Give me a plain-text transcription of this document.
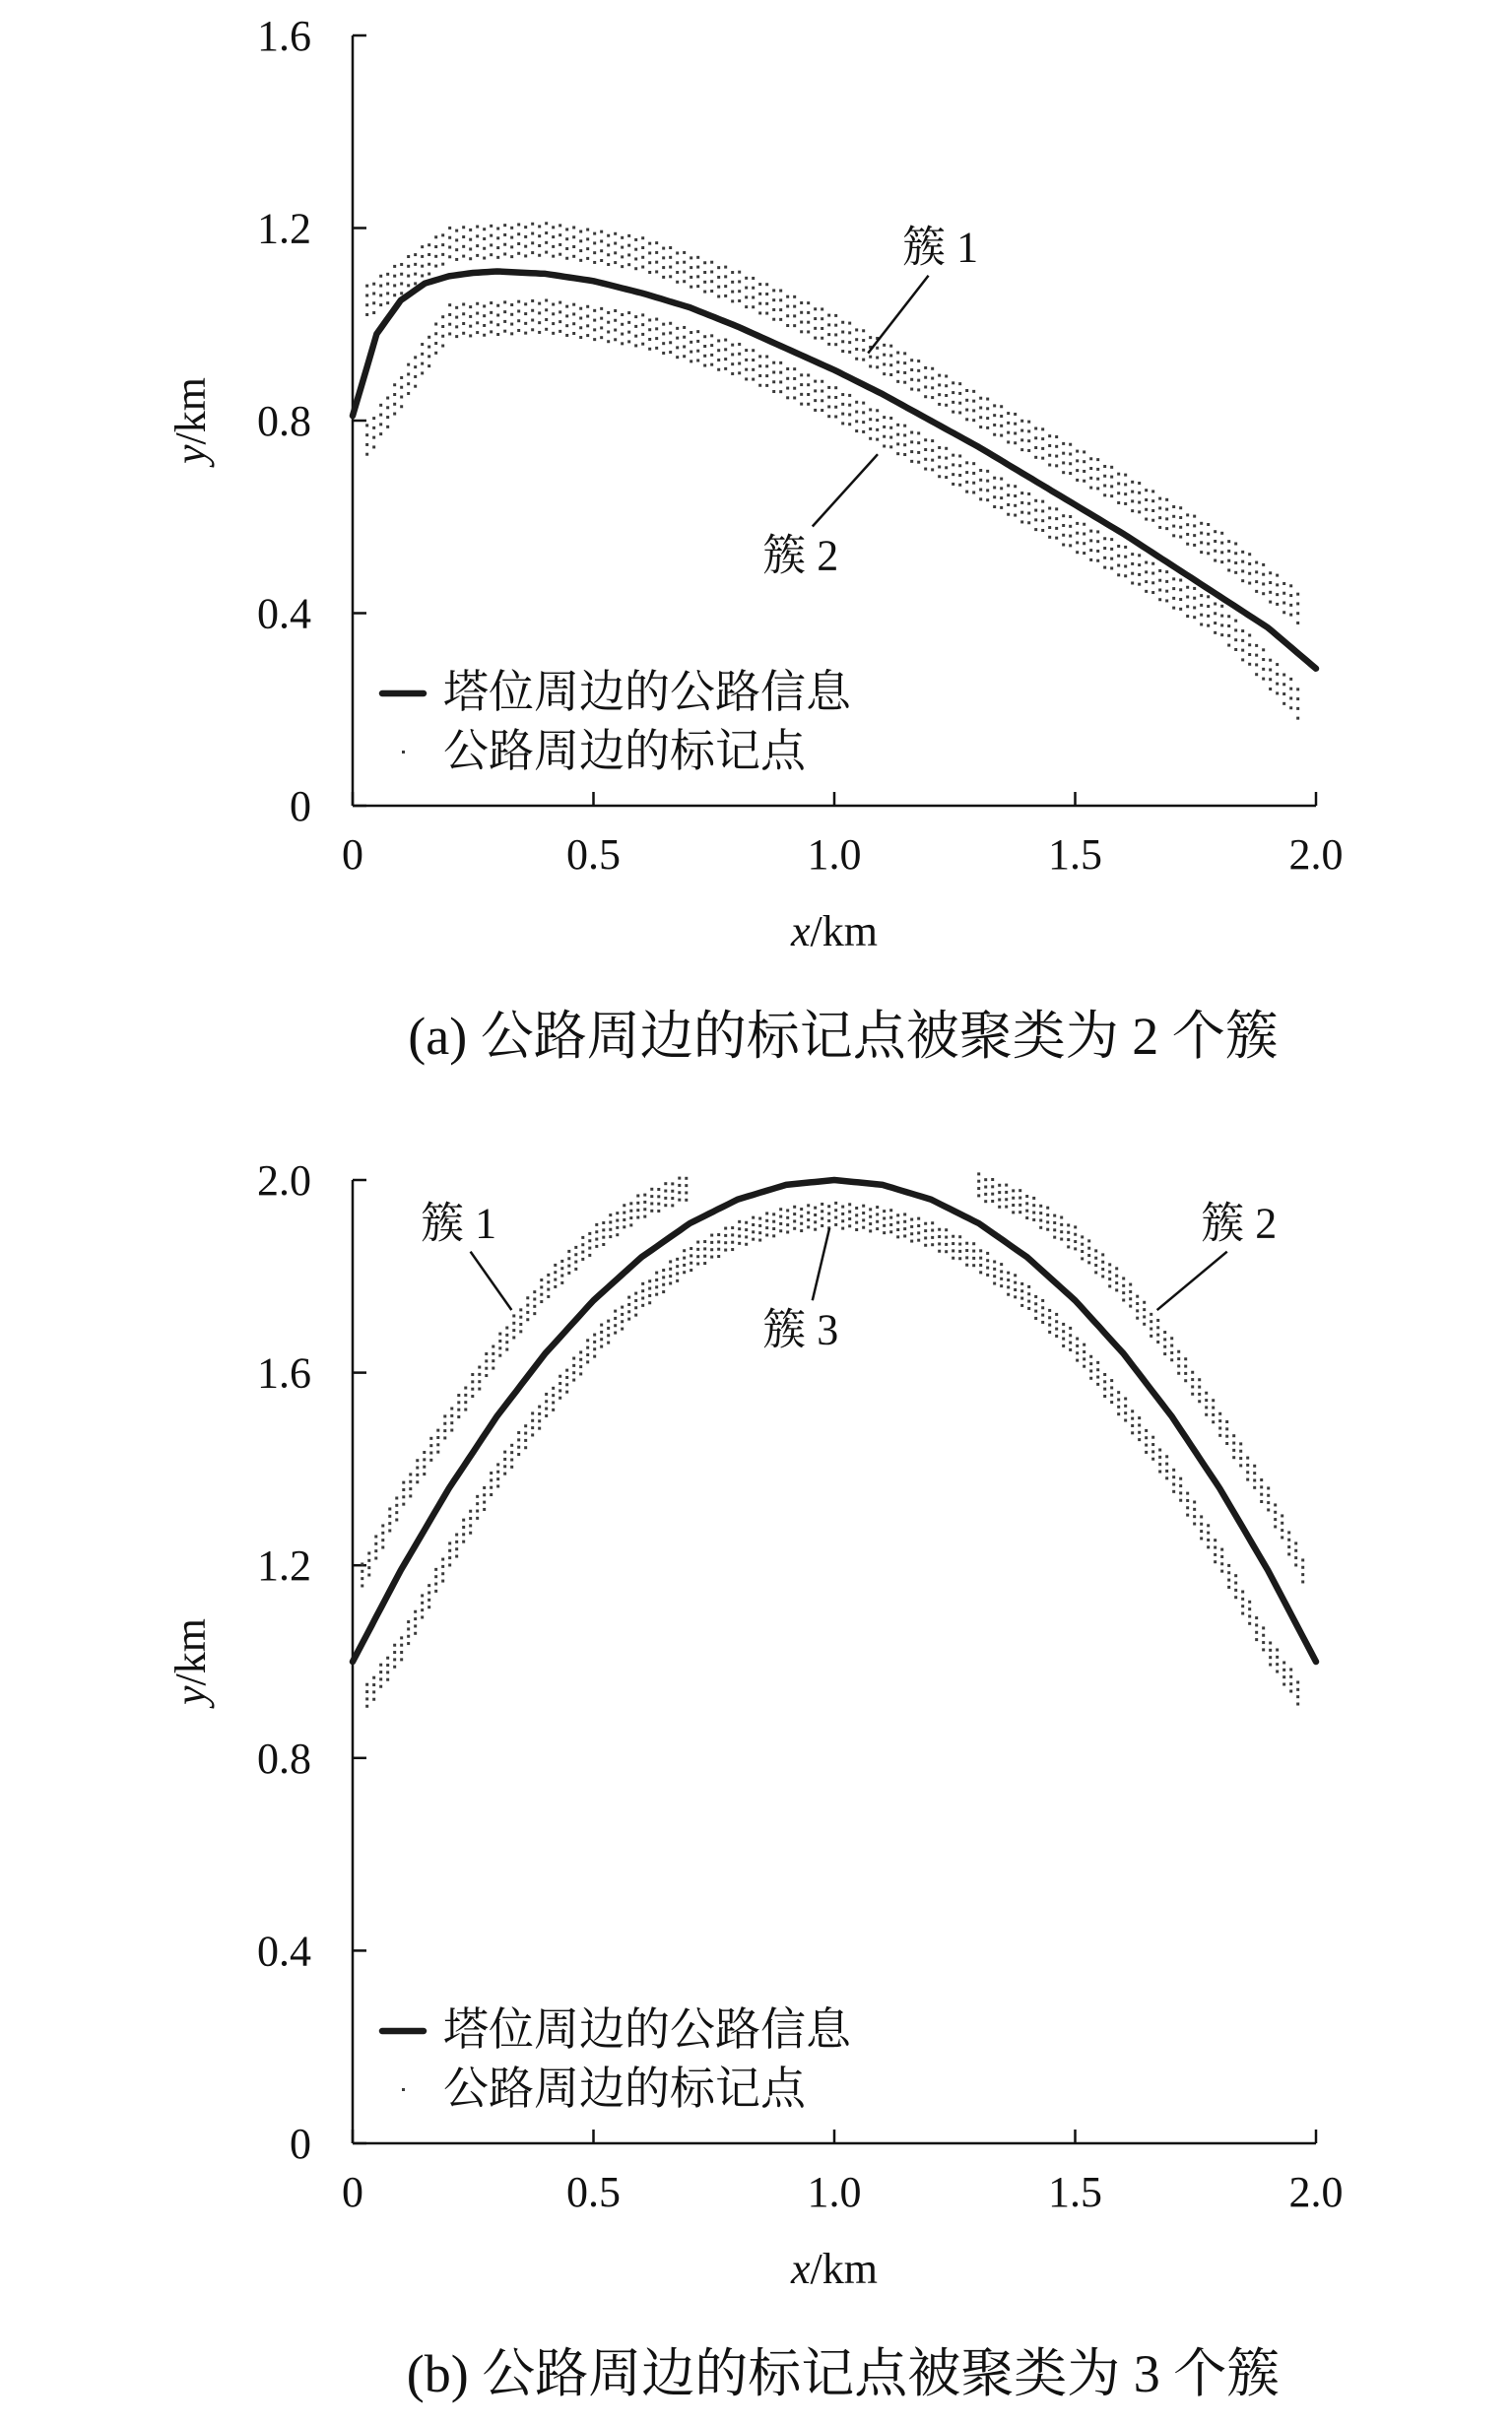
0
0.4
0.8
1.2
1.6
0	0.5	1.0	1.5	2.0
x/km
y/km
簇 1
簇 2
塔位周边的公路信息
公路周边的标记点
(a) 公路周边的标记点被聚类为 2 个簇
0
0.4
0.8
1.2
1.6
2.0
0	0.5	1.0	1.5	2.0
x/km
y/km
簇 1	簇 2
簇 3
塔位周边的公路信息
公路周边的标记点
(b) 公路周边的标记点被聚类为 3 个簇
